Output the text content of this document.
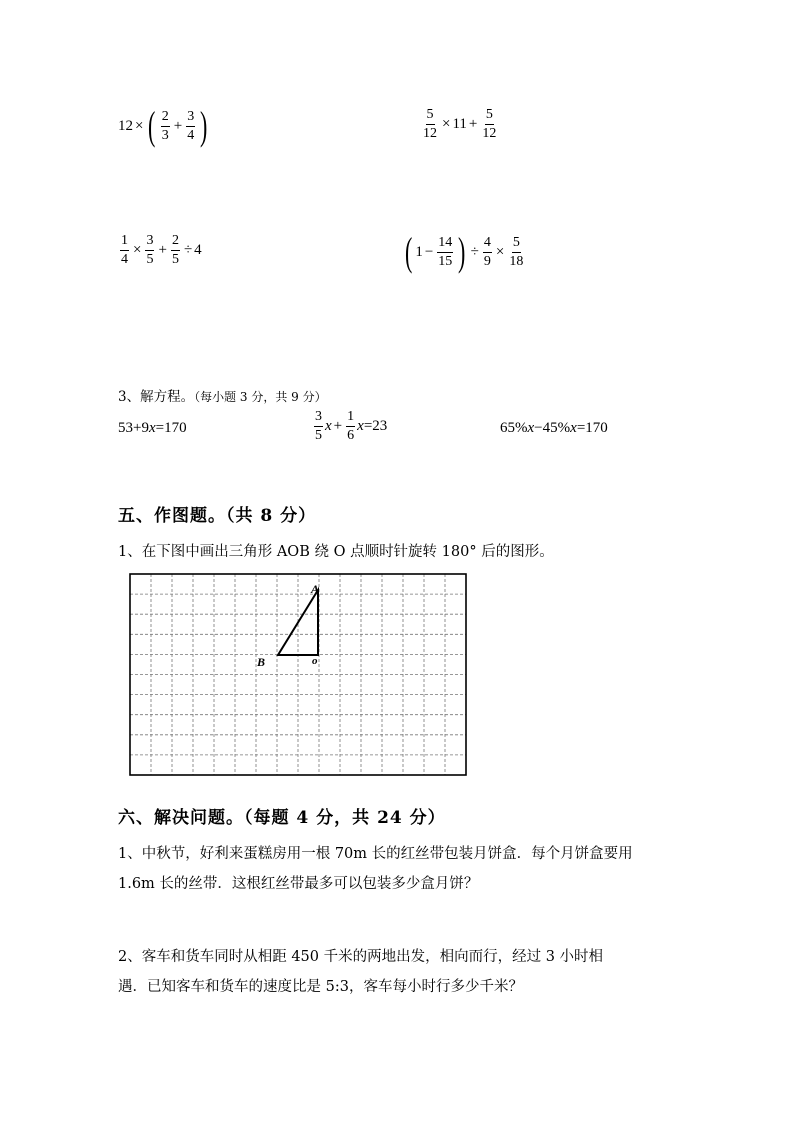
12 × ( $\frac{2}{3} + \frac{3}{4}$ )	$\frac{5}{12} \times 11 + \frac{5}{12}$
$\frac{1}{4} \times \frac{3}{5} + \frac{2}{5} \div 4$	( $1 - \frac{14}{15}$ ) ÷ $\frac{4}{9} \times \frac{5}{18}$
3、解方程。（每小题 3 分，共 9 分）
53+9 x =170	$\frac{3}{5}$ $x + \frac{1}{6}$ x =23	65% x −45% x =170
五、作图题。（共 8 分）
1、在下图中画出三角形 AOB 绕 O 点顺时针旋转 180° 后的图形。
A
B	o
六、解决问题。（每题 4 分，共 24 分）
1、中秋节，好利来蛋糕房用一根 70m 长的红丝带包装月饼盒．每个月饼盒要用
1.6m 长的丝带．这根红丝带最多可以包装多少盒月饼？
2、客车和货车同时从相距 450 千米的两地出发，相向而行，经过 3 小时相
遇．已知客车和货车的速度比是 5:3，客车每小时行多少千米？
